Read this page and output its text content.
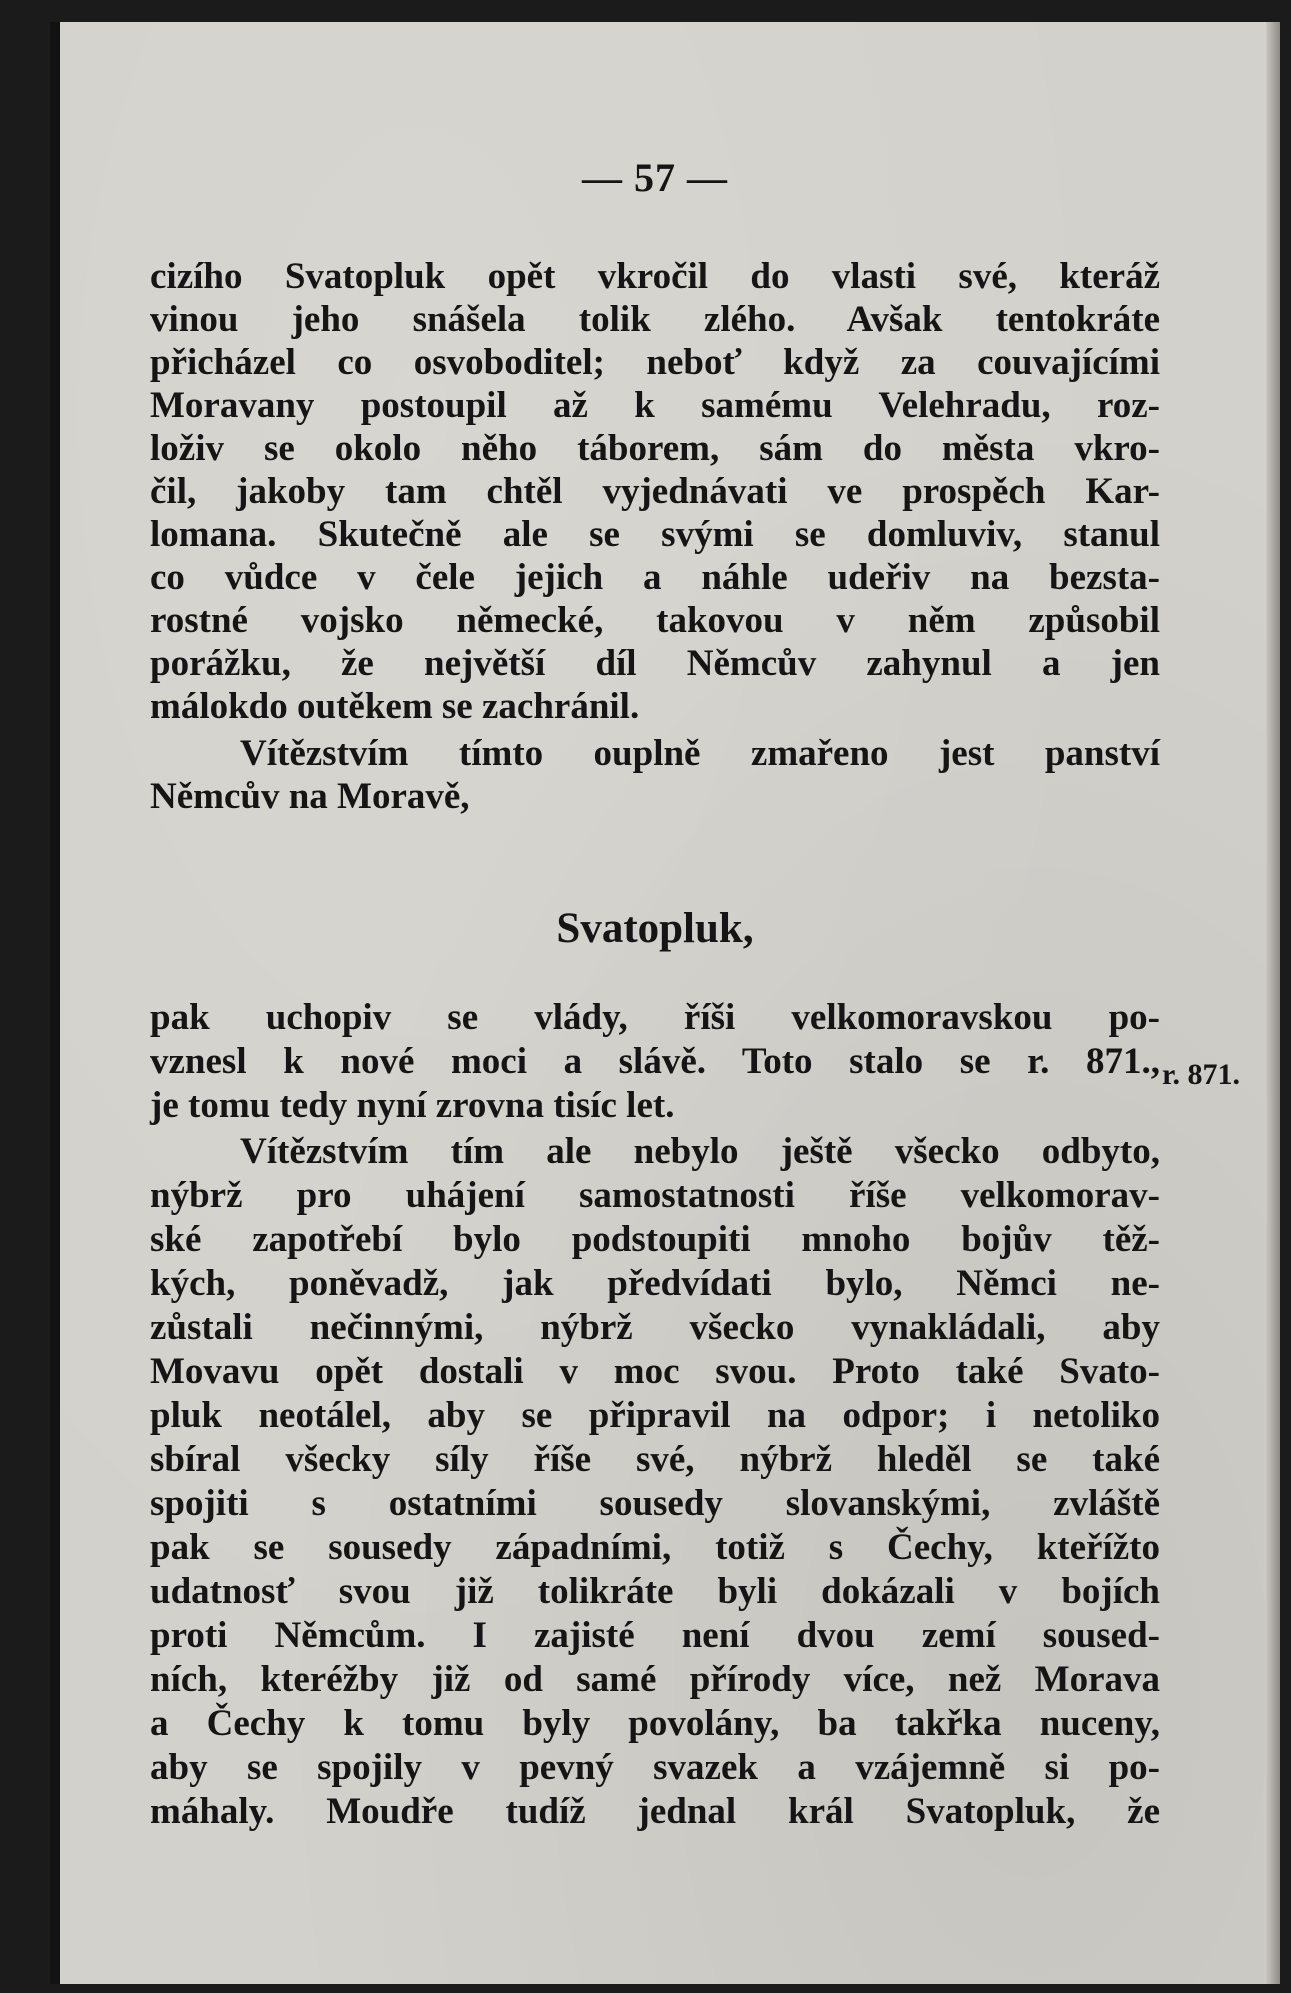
— 57 —
cizího Svatopluk opět vkročil do vlasti své, kteráž
vinou jeho snášela tolik zlého. Avšak tentokráte
přicházel co osvoboditel; neboť když za couvajícími
Moravany postoupil až k samému Velehradu, roz-
loživ se okolo něho táborem, sám do města vkro-
čil, jakoby tam chtěl vyjednávati ve prospěch Kar-
lomana. Skutečně ale se svými se domluviv, stanul
co vůdce v čele jejich a náhle udeřiv na bezsta-
rostné vojsko německé, takovou v něm způsobil
porážku, že největší díl Němcův zahynul a jen
málokdo outěkem se zachránil.
Vítězstvím tímto ouplně zmařeno jest panství
Němcův na Moravě,
Svatopluk,
pak uchopiv se vlády, říši velkomoravskou po-
vznesl k nové moci a slávě. Toto stalo se r. 871.,
je tomu tedy nyní zrovna tisíc let.
Vítězstvím tím ale nebylo ještě všecko odbyto,
nýbrž pro uhájení samostatnosti říše velkomorav-
ské zapotřebí bylo podstoupiti mnoho bojův těž-
kých, poněvadž, jak předvídati bylo, Němci ne-
zůstali nečinnými, nýbrž všecko vynakládali, aby
Movavu opět dostali v moc svou. Proto také Svato-
pluk neotálel, aby se připravil na odpor; i netoliko
sbíral všecky síly říše své, nýbrž hleděl se také
spojiti s ostatními sousedy slovanskými, zvláště
pak se sousedy západními, totiž s Čechy, kteřížto
udatnosť svou již tolikráte byli dokázali v bojích
proti Němcům. I zajisté není dvou zemí soused-
ních, kteréžby již od samé přírody více, než Morava
a Čechy k tomu byly povolány, ba takřka nuceny,
aby se spojily v pevný svazek a vzájemně si po-
máhaly. Moudře tudíž jednal král Svatopluk, že
r. 871.
